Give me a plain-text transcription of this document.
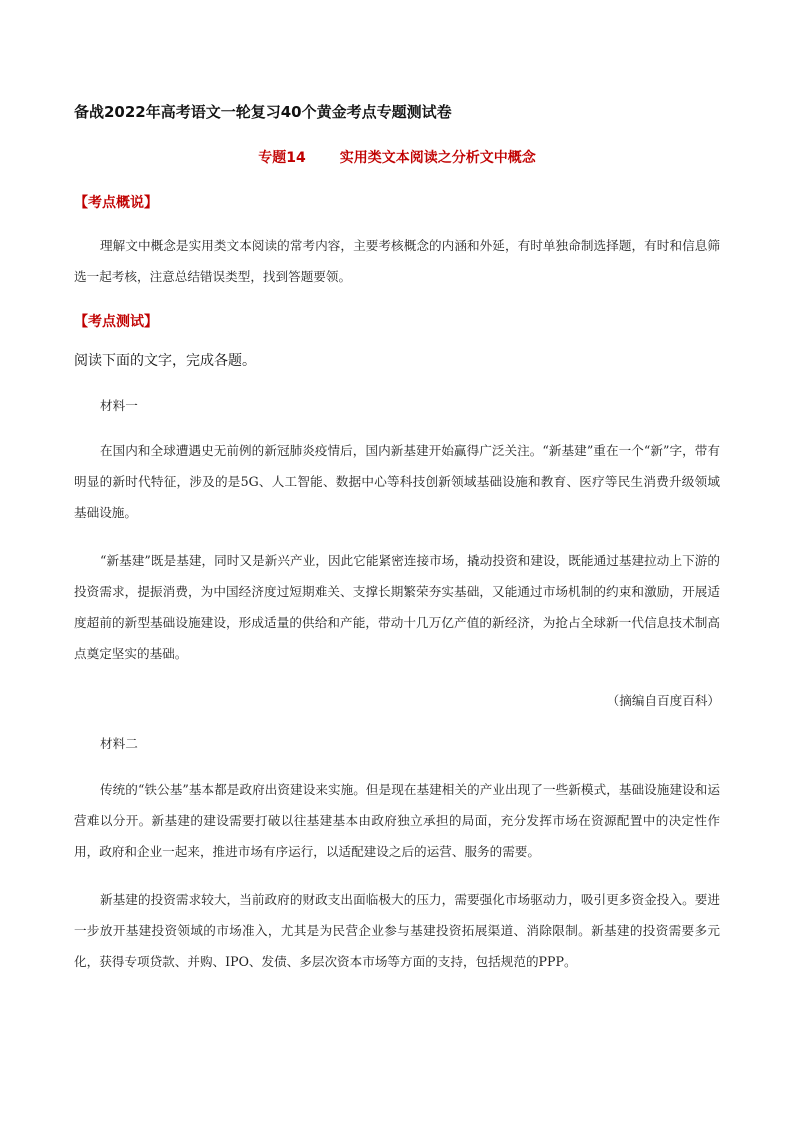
备战2022年高考语文一轮复习40个黄金考点专题测试卷
专题14 实用类文本阅读之分析文中概念
【考点概说】

理解文中概念是实用类文本阅读的常考内容，主要考核概念的内涵和外延，有时单独命制选择题，有时和信息筛选一起考核，注意总结错误类型，找到答题要领。

【考点测试】
阅读下面的文字，完成各题。
材料一

在国内和全球遭遇史无前例的新冠肺炎疫情后，国内新基建开始赢得广泛关注。“新基建”重在一个“新”字，带有明显的新时代特征，涉及的是5G、人工智能、数据中心等科技创新领域基础设施和教育、医疗等民生消费升级领域基础设施。

“新基建”既是基建，同时又是新兴产业，因此它能紧密连接市场，撬动投资和建设，既能通过基建拉动上下游的投资需求，提振消费，为中国经济度过短期难关、支撑长期繁荣夯实基础，又能通过市场机制的约束和激励，开展适度超前的新型基础设施建设，形成适量的供给和产能，带动十几万亿产值的新经济，为抢占全球新一代信息技术制高点奠定坚实的基础。

（摘编自百度百科）
材料二

传统的“铁公基”基本都是政府出资建设来实施。但是现在基建相关的产业出现了一些新模式，基础设施建设和运营难以分开。新基建的建设需要打破以往基建基本由政府独立承担的局面，充分发挥市场在资源配置中的决定性作用，政府和企业一起来，推进市场有序运行，以适配建设之后的运营、服务的需要。

新基建的投资需求较大，当前政府的财政支出面临极大的压力，需要强化市场驱动力，吸引更多资金投入。要进一步放开基建投资领域的市场准入，尤其是为民营企业参与基建投资拓展渠道、消除限制。新基建的投资需要多元化，获得专项贷款、并购、IPO、发债、多层次资本市场等方面的支持，包括规范的PPP。
